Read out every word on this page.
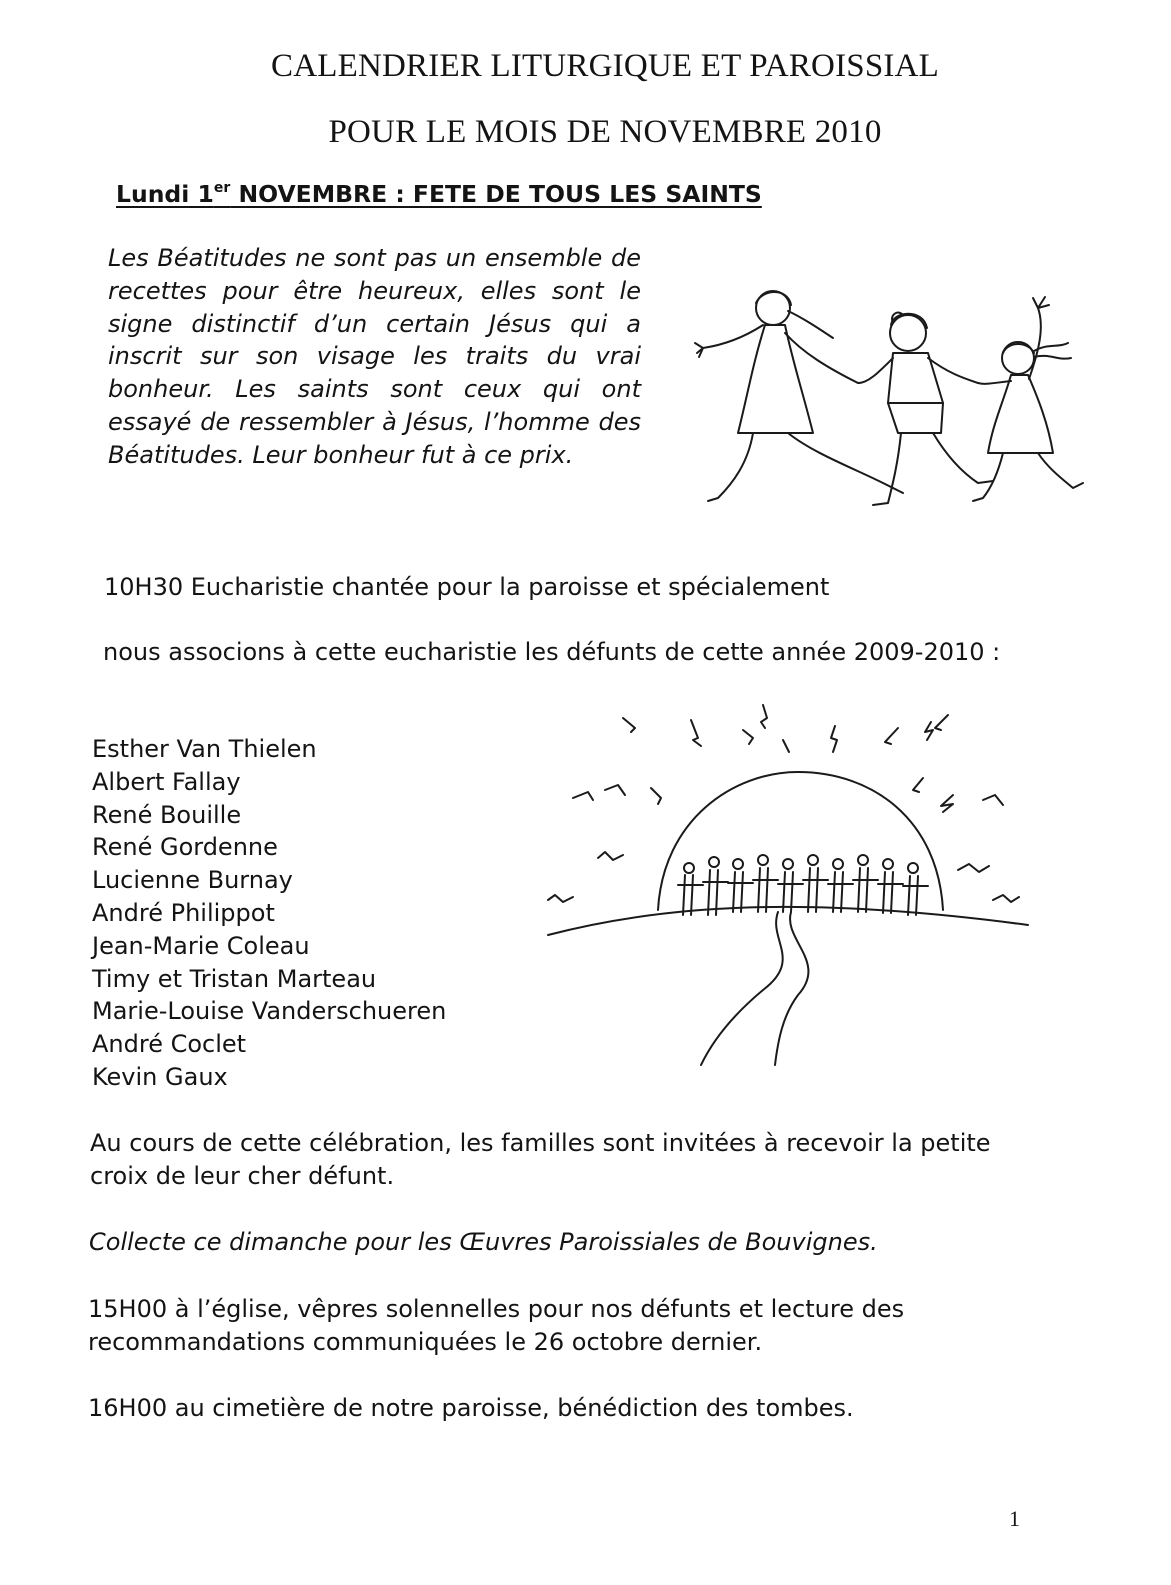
CALENDRIER LITURGIQUE ET PAROISSIAL
POUR LE MOIS DE NOVEMBRE 2010
Lundi 1er NOVEMBRE : FETE DE TOUS LES SAINTS

Les Béatitudes ne sont pas un ensemble de recettes pour être heureux, elles sont le signe distinctif d’un certain Jésus qui a inscrit sur son visage les traits du vrai bonheur. Les saints sont ceux qui ont essayé de ressembler à Jésus, l’homme des Béatitudes. Leur bonheur fut à ce prix.

10H30 Eucharistie chantée pour la paroisse et spécialement

nous associons à cette eucharistie les défunts de cette année 2009-2010 :

Esther Van Thielen
Albert Fallay
René Bouille
René Gordenne
Lucienne Burnay
André Philippot
Jean-Marie Coleau
Timy et Tristan Marteau
Marie-Louise Vanderschueren
André Coclet
Kevin Gaux

Au cours de cette célébration, les familles sont invitées à recevoir la petite croix de leur cher défunt.

Collecte ce dimanche pour les Œuvres Paroissiales de Bouvignes.

15H00 à l’église, vêpres solennelles pour nos défunts et lecture des recommandations communiquées le 26 octobre dernier.

16H00 au cimetière de notre paroisse, bénédiction des tombes.

1
